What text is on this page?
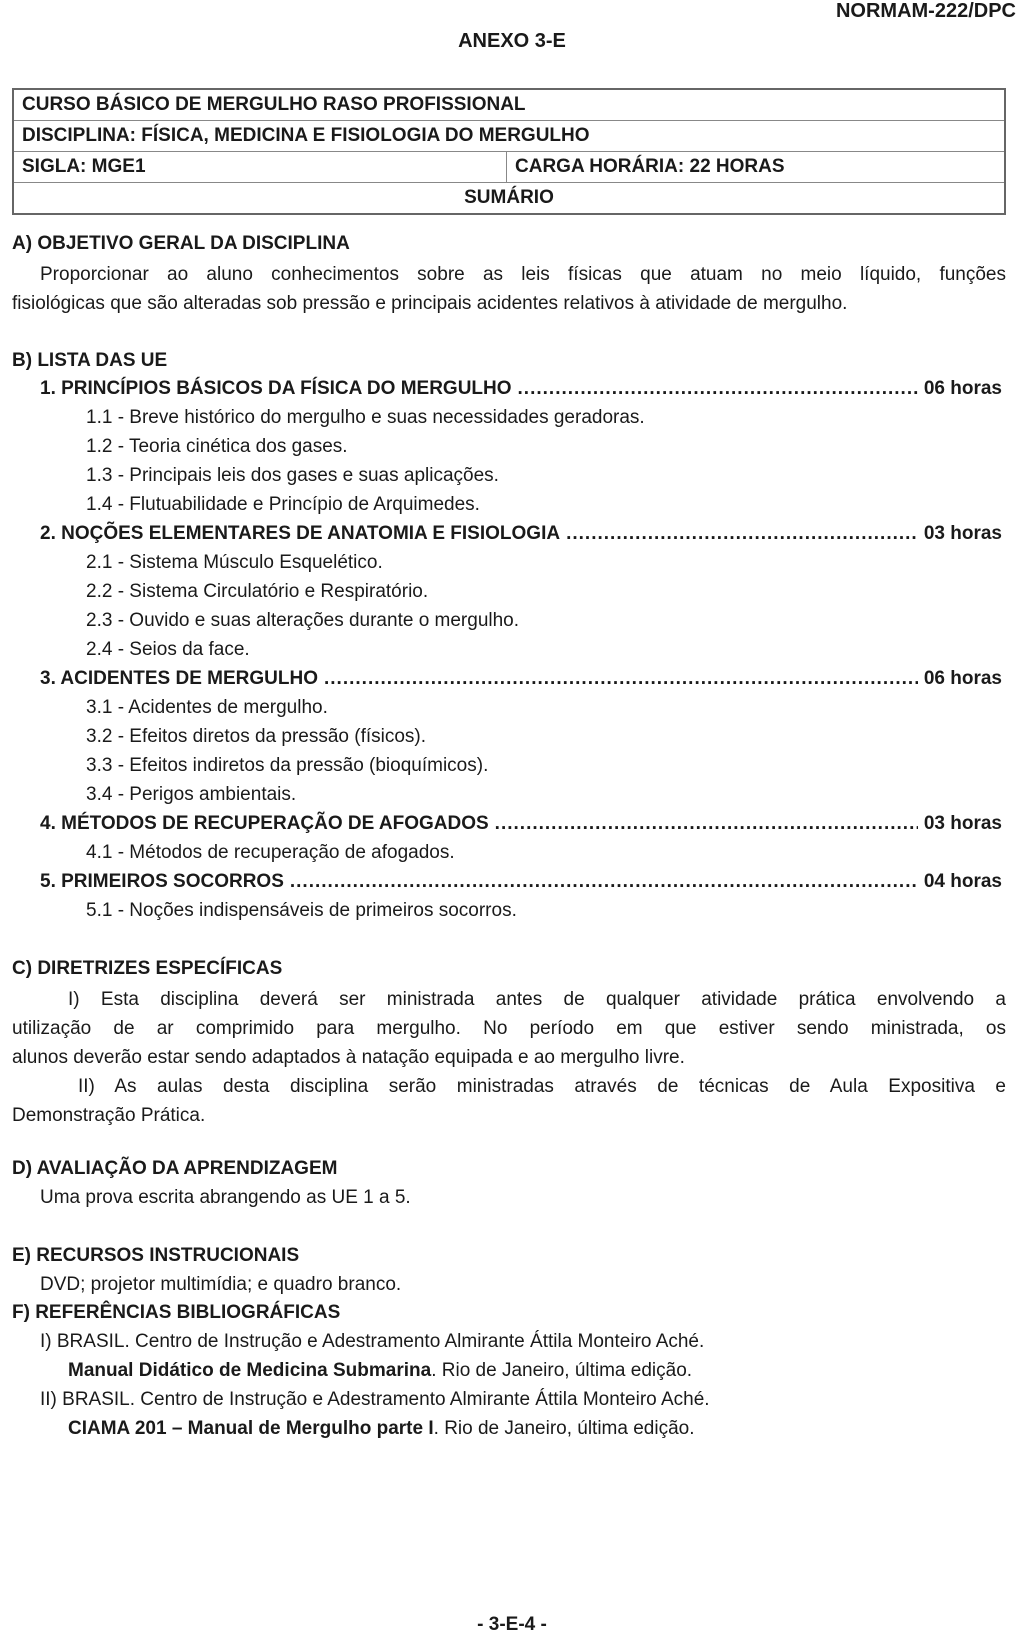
NORMAM-222/DPC
ANEXO 3-E
CURSO BÁSICO DE MERGULHO RASO PROFISSIONAL
DISCIPLINA: FÍSICA, MEDICINA E FISIOLOGIA DO MERGULHO
SIGLA: MGE1	CARGA HORÁRIA: 22 HORAS
SUMÁRIO
A) OBJETIVO GERAL DA DISCIPLINA
Proporcionar ao aluno conhecimentos sobre as leis físicas que atuam no meio líquido, funções
fisiológicas que são alteradas sob pressão e principais acidentes relativos à atividade de mergulho.
B) LISTA DAS UE
1. PRINCÍPIOS BÁSICOS DA FÍSICA DO MERGULHO .....	06 horas
1.1 - Breve histórico do mergulho e suas necessidades geradoras.
1.2 - Teoria cinética dos gases.
1.3 - Principais leis dos gases e suas aplicações.
1.4 - Flutuabilidade e Princípio de Arquimedes.
2. NOÇÕES ELEMENTARES DE ANATOMIA E FISIOLOGIA .....	03 horas
2.1 - Sistema Músculo Esquelético.
2.2 - Sistema Circulatório e Respiratório.
2.3 - Ouvido e suas alterações durante o mergulho.
2.4 - Seios da face.
3. ACIDENTES DE MERGULHO .....	06 horas
3.1 - Acidentes de mergulho.
3.2 - Efeitos diretos da pressão (físicos).
3.3 - Efeitos indiretos da pressão (bioquímicos).
3.4 - Perigos ambientais.
4. MÉTODOS DE RECUPERAÇÃO DE AFOGADOS .....	03 horas
4.1 - Métodos de recuperação de afogados.
5. PRIMEIROS SOCORROS .....	04 horas
5.1 - Noções indispensáveis de primeiros socorros.
C) DIRETRIZES ESPECÍFICAS
I) Esta disciplina deverá ser ministrada antes de qualquer atividade prática envolvendo a
utilização de ar comprimido para mergulho. No período em que estiver sendo ministrada, os
alunos deverão estar sendo adaptados à natação equipada e ao mergulho livre.
II) As aulas desta disciplina serão ministradas através de técnicas de Aula Expositiva e
Demonstração Prática.
D) AVALIAÇÃO DA APRENDIZAGEM
Uma prova escrita abrangendo as UE 1 a 5.
E) RECURSOS INSTRUCIONAIS
DVD; projetor multimídia; e quadro branco.
F) REFERÊNCIAS BIBLIOGRÁFICAS
I) BRASIL. Centro de Instrução e Adestramento Almirante Áttila Monteiro Aché.
Manual Didático de Medicina Submarina. Rio de Janeiro, última edição.
II) BRASIL. Centro de Instrução e Adestramento Almirante Áttila Monteiro Aché.
CIAMA 201 – Manual de Mergulho parte I. Rio de Janeiro, última edição.
- 3-E-4 -
